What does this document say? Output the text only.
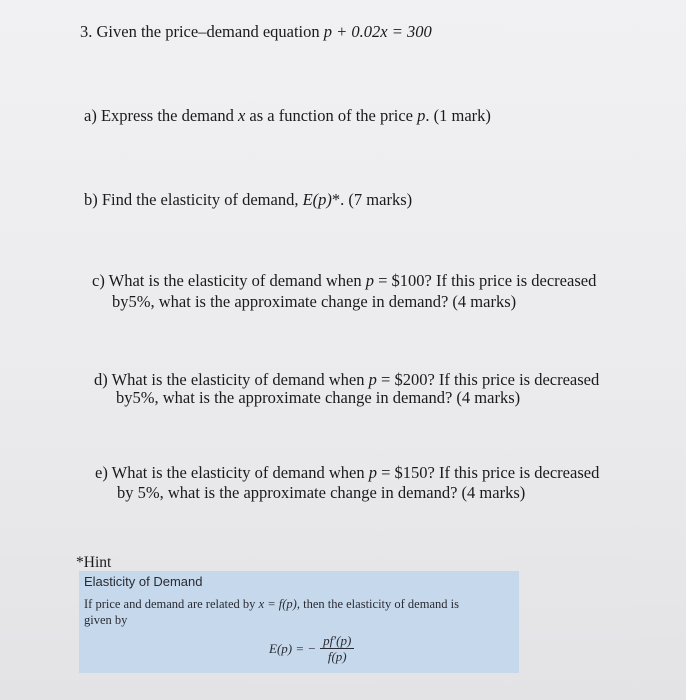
3. Given the price–demand equation p + 0.02x = 300
a) Express the demand x as a function of the price p. (1 mark)
b) Find the elasticity of demand, E(p)*. (7 marks)
c) What is the elasticity of demand when p = $100? If this price is decreased
by5%, what is the approximate change in demand? (4 marks)
d) What is the elasticity of demand when p = $200? If this price is decreased
by5%, what is the approximate change in demand? (4 marks)
e) What is the elasticity of demand when p = $150? If this price is decreased
by 5%, what is the approximate change in demand? (4 marks)
*Hint
Elasticity of Demand
If price and demand are related by x = f(p), then the elasticity of demand is
given by
E(p) = − $\frac{pf'(p)}{f(p)}$
